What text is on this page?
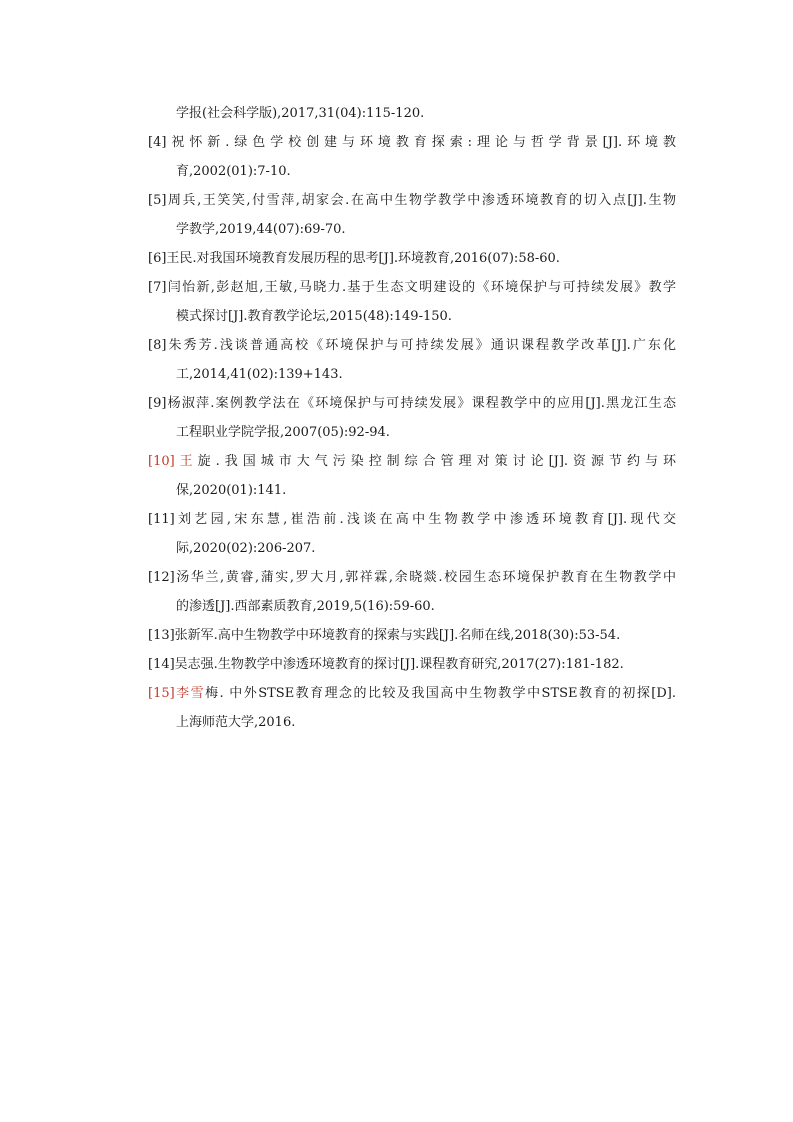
学报(社会科学版),2017,31(04):115-120.
[4]祝怀新.绿色学校创建与环境教育探索:理论与哲学背景[J].环境教
育,2002(01):7-10.
[5]周兵,王笑笑,付雪萍,胡家会.在高中生物学教学中渗透环境教育的切入点[J].生物
学教学,2019,44(07):69-70.
[6]王民.对我国环境教育发展历程的思考[J].环境教育,2016(07):58-60.
[7]闫怡新,彭赵旭,王敏,马晓力.基于生态文明建设的《环境保护与可持续发展》教学
模式探讨[J].教育教学论坛,2015(48):149-150.
[8]朱秀芳.浅谈普通高校《环境保护与可持续发展》通识课程教学改革[J].广东化
工,2014,41(02):139+143.
[9]杨淑萍.案例教学法在《环境保护与可持续发展》课程教学中的应用[J].黑龙江生态
工程职业学院学报,2007(05):92-94.
[10]王旋.我国城市大气污染控制综合管理对策讨论[J].资源节约与环
保,2020(01):141.
[11]刘艺园,宋东慧,崔浩前.浅谈在高中生物教学中渗透环境教育[J].现代交
际,2020(02):206-207.
[12]汤华兰,黄睿,蒲实,罗大月,郭祥霖,余晓燚.校园生态环境保护教育在生物教学中
的渗透[J].西部素质教育,2019,5(16):59-60.
[13]张新军.高中生物教学中环境教育的探索与实践[J].名师在线,2018(30):53-54.
[14]吴志强.生物教学中渗透环境教育的探讨[J].课程教育研究,2017(27):181-182.
[15]李雪梅. 中外STSE教育理念的比较及我国高中生物教学中STSE教育的初探[D].
上海师范大学,2016.
